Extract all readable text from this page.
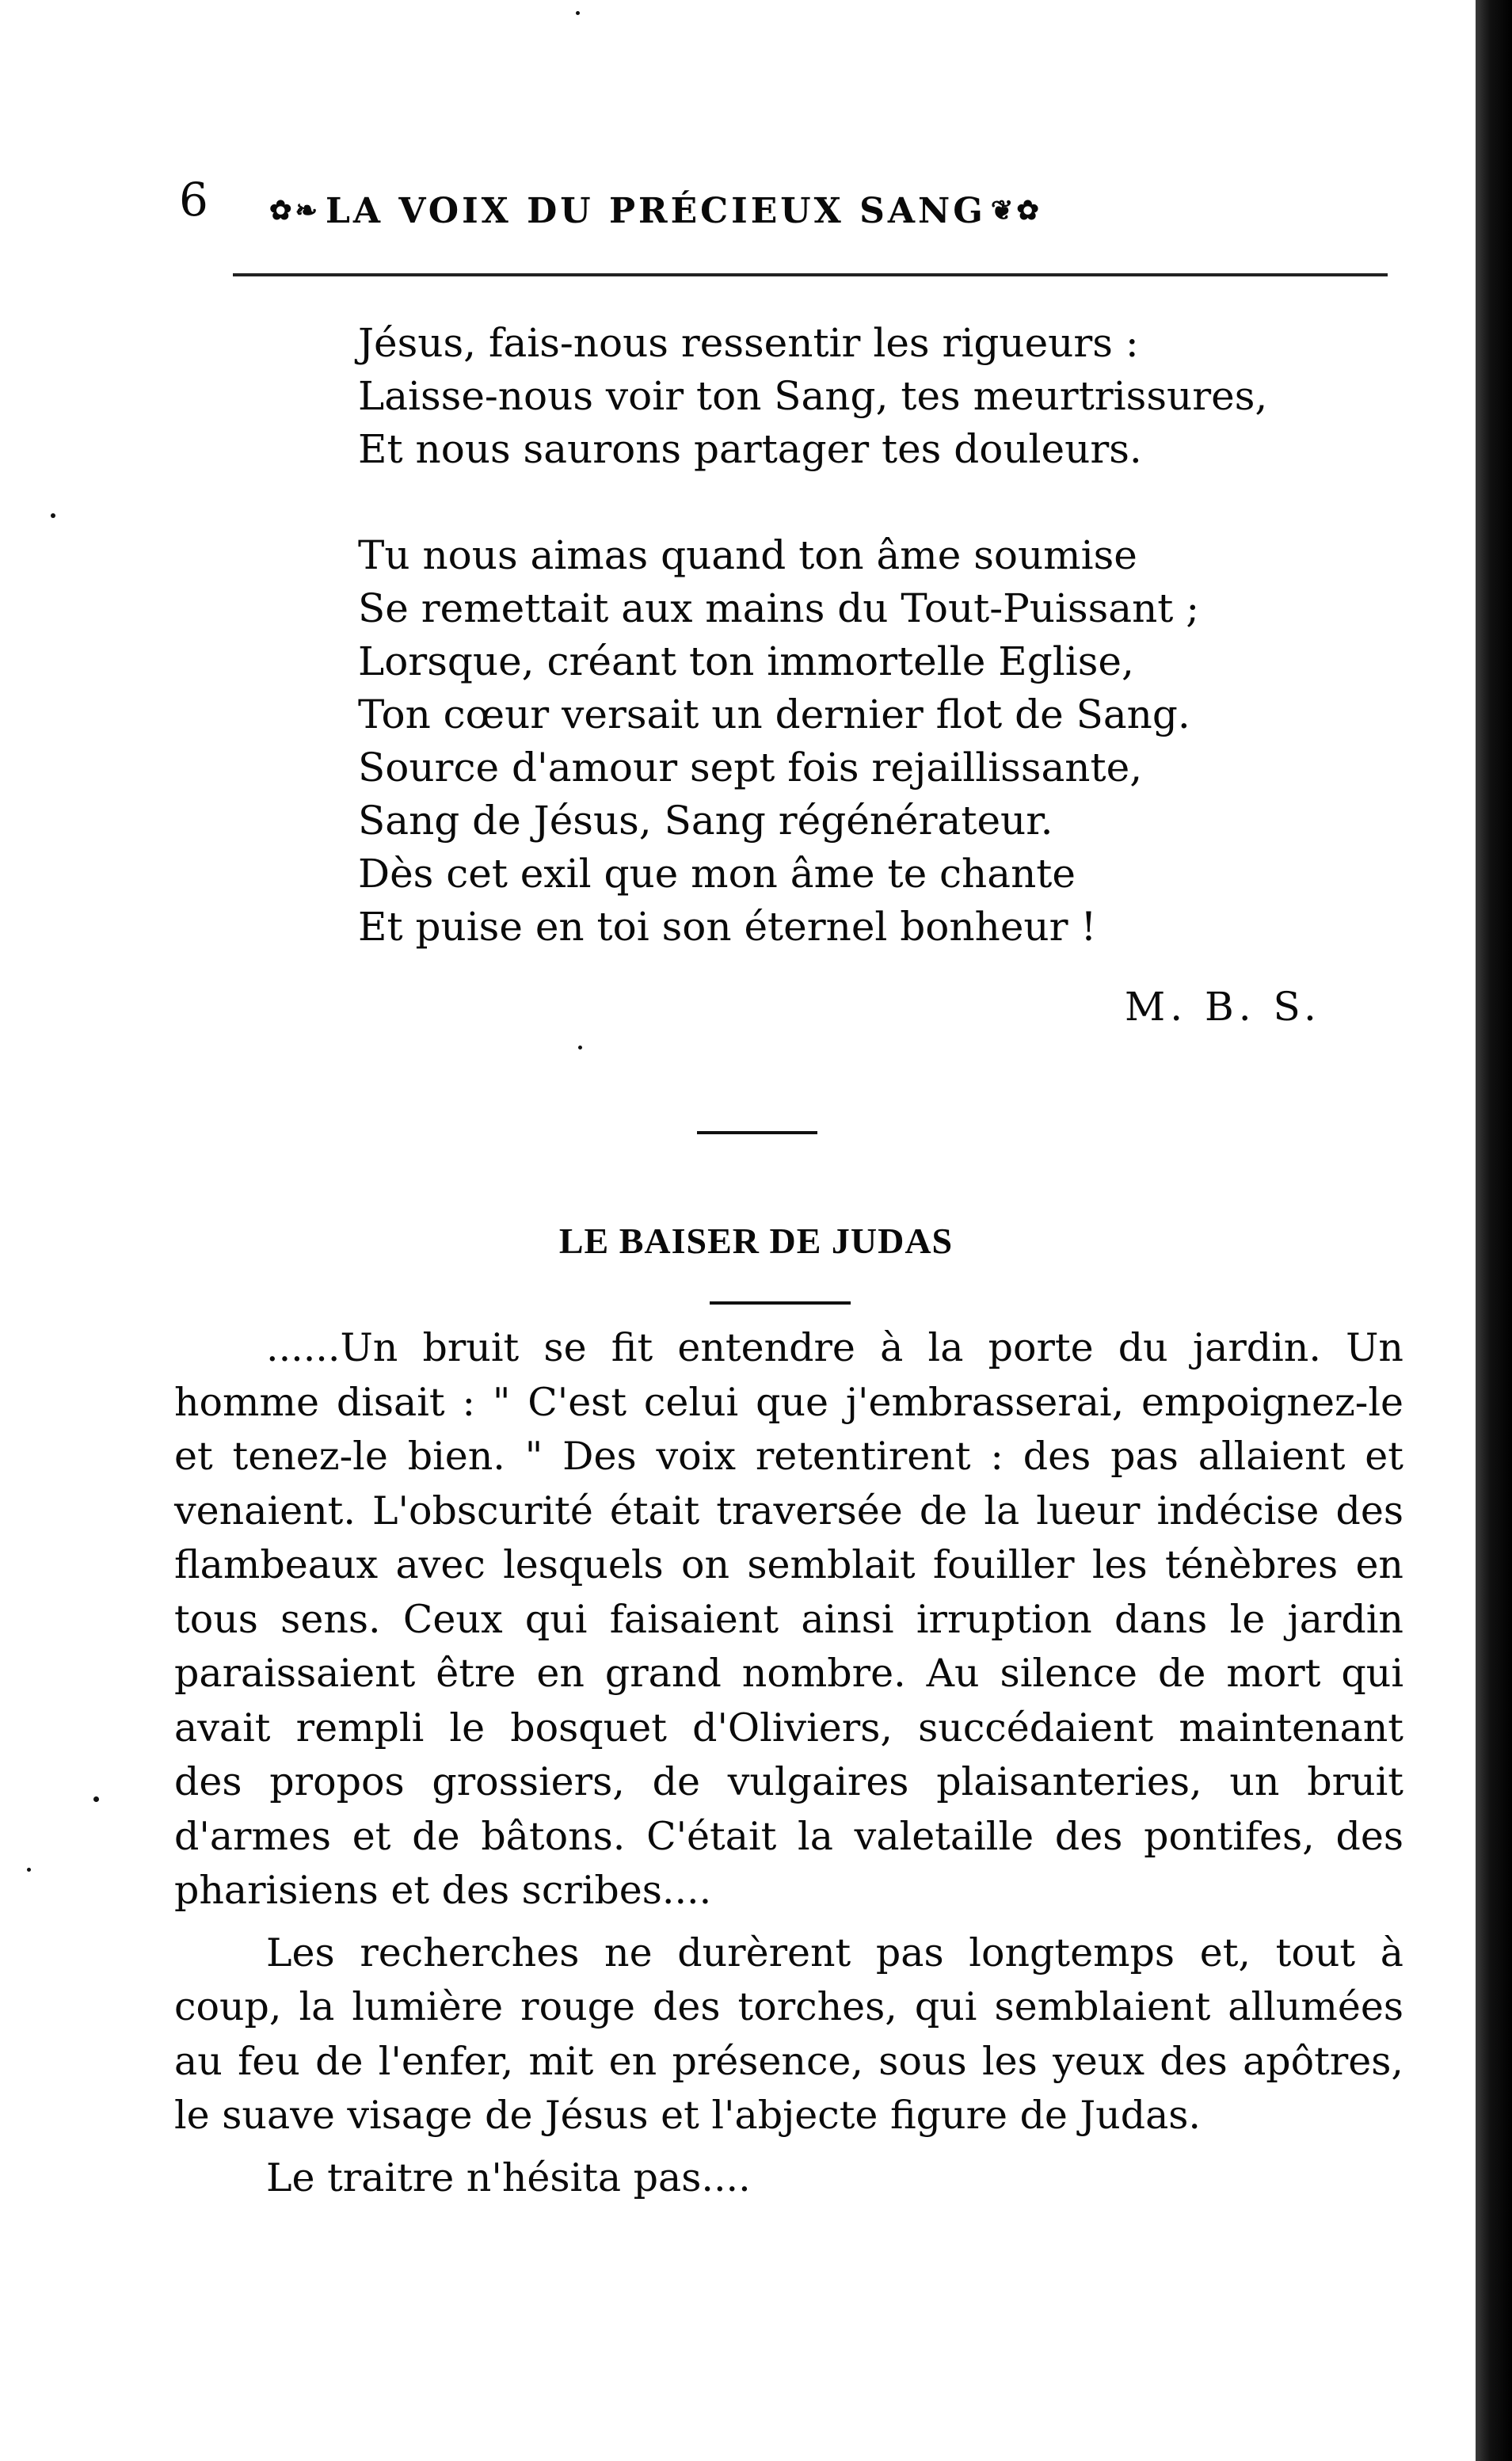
6 ✿❧ LA VOIX DU PRÉCIEUX SANG ❦✿
Jésus, fais-nous ressentir les rigueurs :
Laisse-nous voir ton Sang, tes meurtrissures,
Et nous saurons partager tes douleurs.
Tu nous aimas quand ton âme soumise
Se remettait aux mains du Tout-Puissant ;
Lorsque, créant ton immortelle Eglise,
Ton cœur versait un dernier flot de Sang.
Source d'amour sept fois rejaillissante,
Sang de Jésus, Sang régénérateur.
Dès cet exil que mon âme te chante
Et puise en toi son éternel bonheur !
M. B. S.
LE BAISER DE JUDAS

......Un bruit se fit entendre à la porte du jardin. Un homme disait : " C'est celui que j'embrasserai, empoignez-le et tenez-le bien. " Des voix retentirent : des pas allaient et venaient. L'obscurité était traversée de la lueur indécise des flambeaux avec lesquels on semblait fouiller les ténèbres en tous sens. Ceux qui faisaient ainsi irruption dans le jardin paraissaient être en grand nombre. Au silence de mort qui avait rempli le bosquet d'Oliviers, succédaient maintenant des propos grossiers, de vulgaires plaisanteries, un bruit d'armes et de bâtons. C'était la valetaille des pontifes, des pharisiens et des scribes....

Les recherches ne durèrent pas longtemps et, tout à coup, la lumière rouge des torches, qui semblaient allumées au feu de l'enfer, mit en présence, sous les yeux des apôtres, le suave visage de Jésus et l'abjecte figure de Judas.

Le traitre n'hésita pas....
